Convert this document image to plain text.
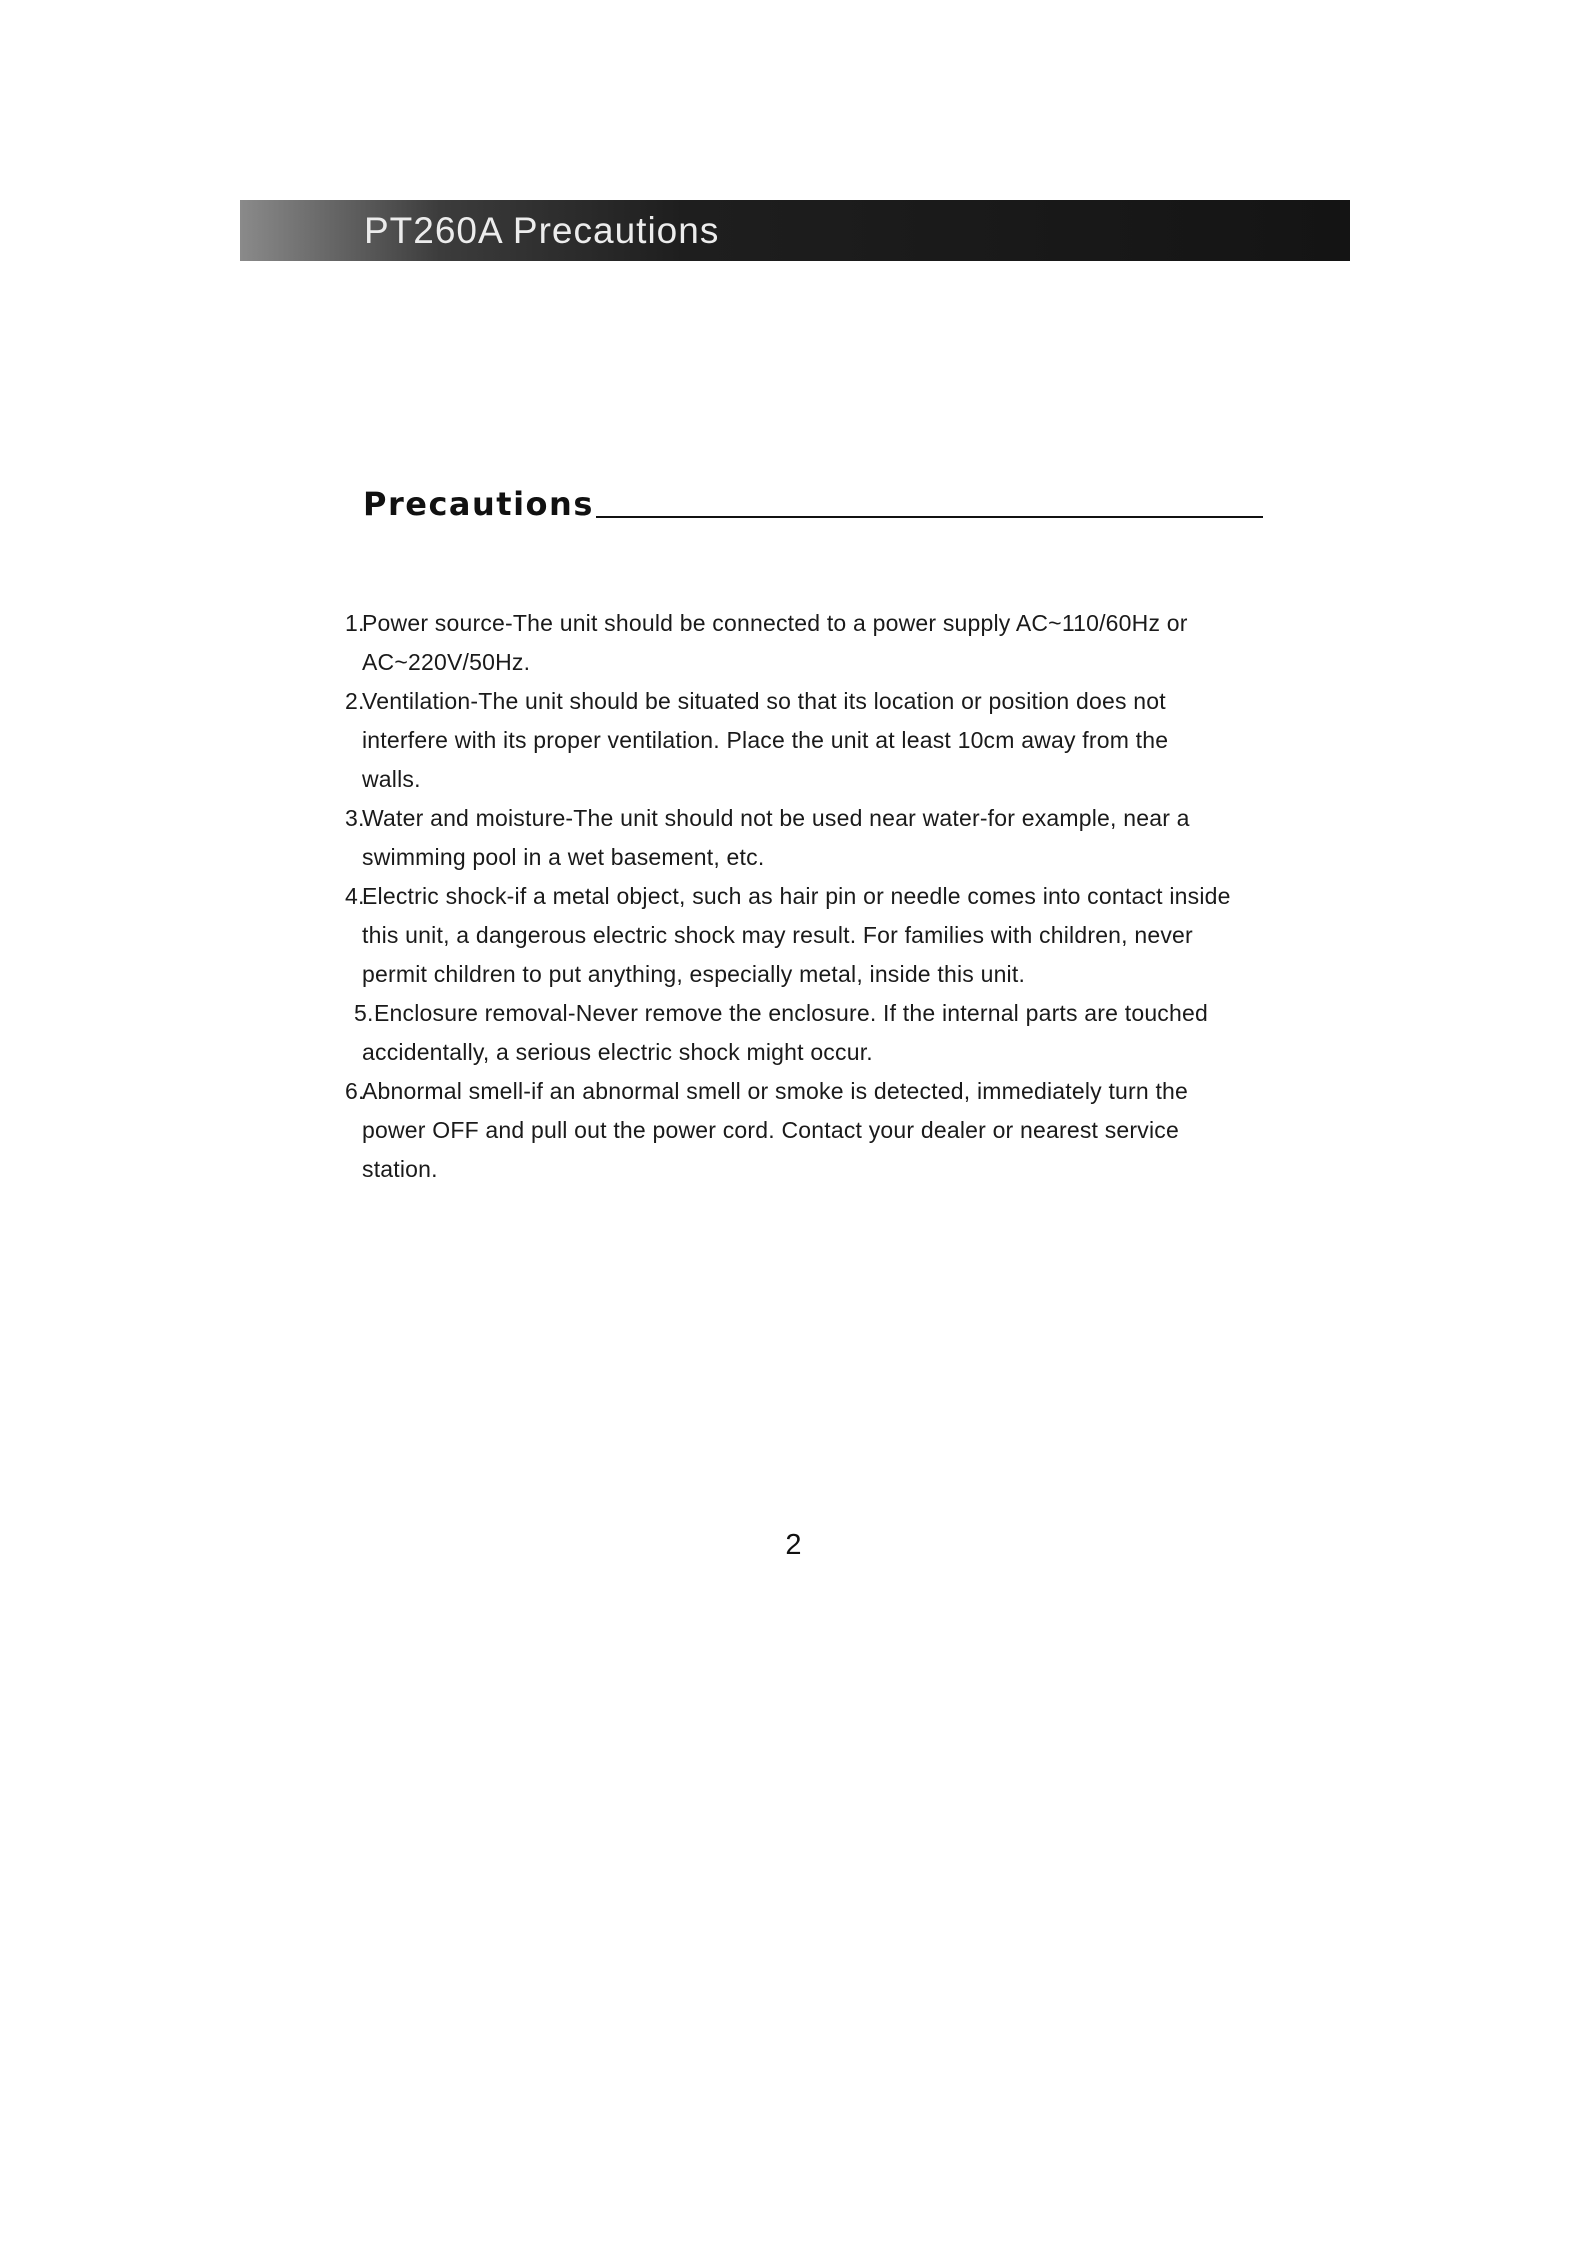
PT260A Precautions
Precautions
1.
Power source-The unit should be connected to a power supply AC~110/60Hz or
AC~220V/50Hz.
2.
Ventilation-The unit should be situated so that its location or position does not
interfere with its proper ventilation. Place the unit at least 10cm away from the
walls.
3.
Water and moisture-The unit should not be used near water-for example, near a
swimming pool in a wet basement, etc.
4.
Electric shock-if a metal object, such as hair pin or needle comes into contact inside
this unit, a dangerous electric shock may result. For families with children, never
permit children to put anything, especially metal, inside this unit.
5. Enclosure removal-Never remove the enclosure. If the internal parts are touched
accidentally, a serious electric shock might occur.
6.
Abnormal smell-if an abnormal smell or smoke is detected, immediately turn the
power OFF and pull out the power cord. Contact your dealer or nearest service
station.
2
